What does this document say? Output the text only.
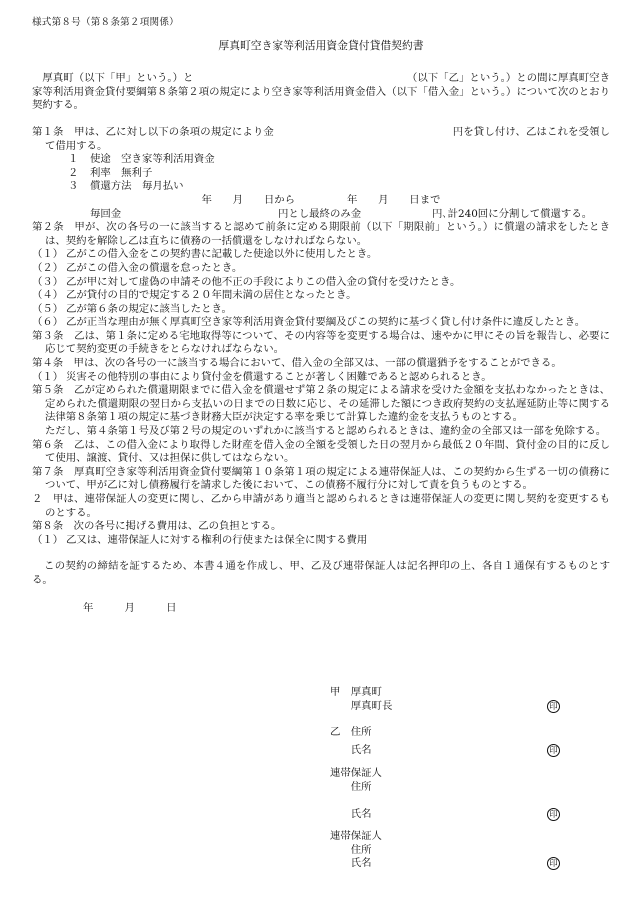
様式第８号（第８条第２項関係）
厚真町空き家等利活用資金貸付貸借契約書

　厚真町（以下「甲」という。）と　　　　　　　　　　　　　　　　　　　　　（以下「乙」という。）との間に厚真町空き家等利活用資金貸付要綱第８条第２項の規定により空き家等利活用資金借入（以下「借入金」という。）について次のとおり契約する。

第１条　甲は、乙に対し以下の条項の規定により金　　　　　　　　　　　　　　　　　円を貸し付け、乙はこれを受領して借用する。

１ 使途　空き家等利活用資金
２ 利率　無利子
３ 償還方法　毎月払い
年　　月　　日から　　　　　年　　月　　日まで
毎回金	円とし最終のみ金	円､計240回に分割して償還する。

第２条　甲が、次の各号の一に該当すると認めて前条に定める期限前（以下「期限前」という。）に償還の請求をしたときは、契約を解除し乙は直ちに債務の一括償還をしなければならない。

（１） 乙がこの借入金をこの契約書に記載した使途以外に使用したとき。
（２） 乙がこの借入金の償還を怠ったとき。
（３） 乙が甲に対して虚偽の申請その他不正の手段によりこの借入金の貸付を受けたとき。
（４） 乙が貸付の目的で規定する２０年間未満の居住となったとき。
（５） 乙が第６条の規定に該当したとき。
（６） 乙が正当な理由が無く厚真町空き家等利活用資金貸付要綱及びこの契約に基づく貸し付け条件に違反したとき。

第３条　乙は、第１条に定める宅地取得等について、その内容等を変更する場合は、速やかに甲にその旨を報告し、必要に応じて契約変更の手続きをとらなければならない。

第４条　甲は、次の各号の一に該当する場合において、借入金の全部又は、一部の償還猶予をすることができる。

（１） 災害その他特別の事由により貸付金を償還することが著しく困難であると認められるとき。

第５条　乙が定められた償還期限までに借入金を償還せず第２条の規定による請求を受けた金額を支払わなかったときは、定められた償還期限の翌日から支払いの日までの日数に応じ、その延滞した額につき政府契約の支払遅延防止等に関する法律第８条第１項の規定に基づき財務大臣が決定する率を乗じて計算した違約金を支払うものとする。

ただし、第４条第１号及び第２号の規定のいずれかに該当すると認められるときは、違約金の全部又は一部を免除する。

第６条　乙は、この借入金により取得した財産を借入金の全額を受領した日の翌月から最低２０年間、貸付金の目的に反して使用、譲渡、貸付、又は担保に供してはならない。

第７条　厚真町空き家等利活用資金貸付要綱第１０条第１項の規定による連帯保証人は、この契約から生ずる一切の債務について、甲が乙に対し債務履行を請求した後において、この債務不履行分に対して責を負うものとする。

２　甲は、連帯保証人の変更に関し、乙から申請があり適当と認められるときは連帯保証人の変更に関し契約を変更するものとする。

第８条　次の各号に掲げる費用は、乙の負担とする。

（１） 乙又は、連帯保証人に対する権利の行使または保全に関する費用

この契約の締結を証するため、本書４通を作成し、甲、乙及び連帯保証人は記名押印の上、各自１通保有するものとする。

年　　　月　　　日
甲　厚真町
　　厚真町長	印
乙　住所
　　氏名	印
連帯保証人
　　住所
　　氏名	印
連帯保証人
　　住所
　　氏名	印
